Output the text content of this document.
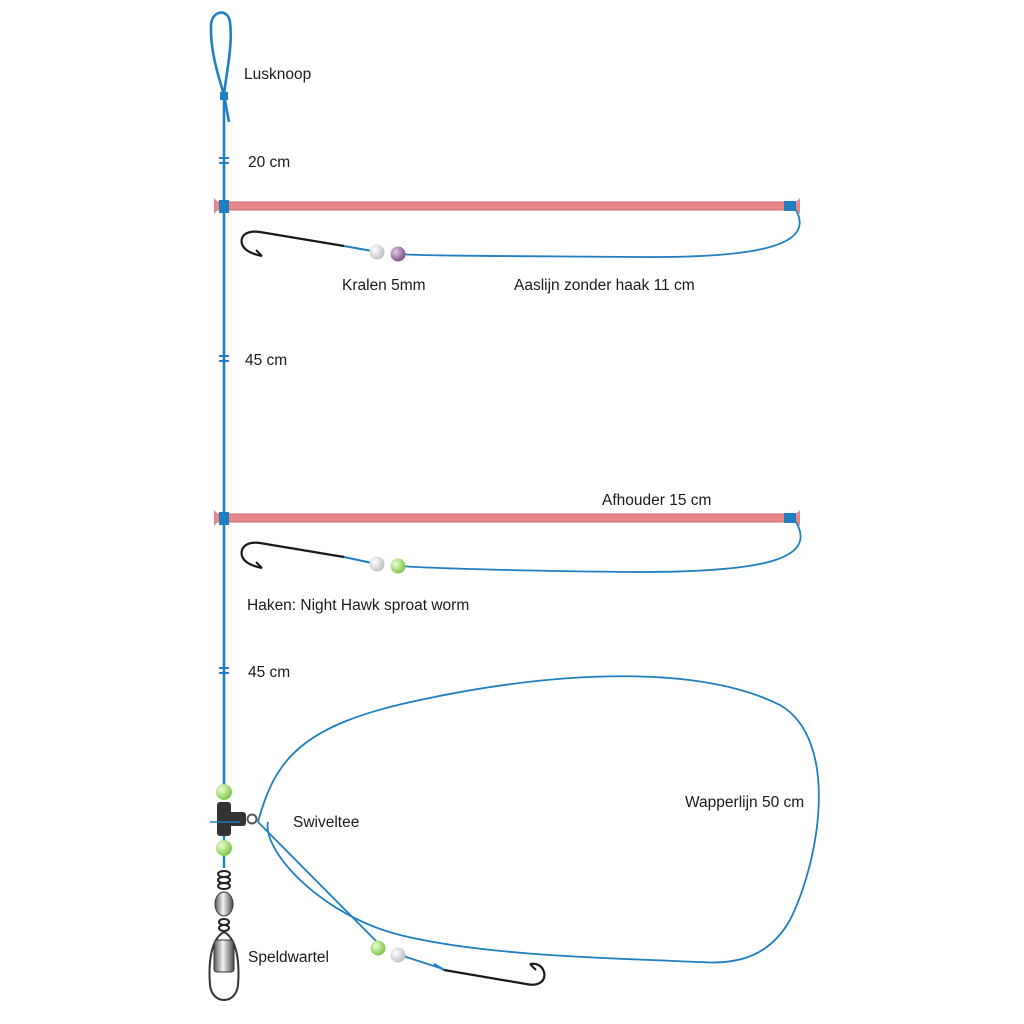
Lusknoop
20 cm
Kralen 5mm	Aaslijn zonder haak 11 cm
45 cm
Afhouder 15 cm
Haken: Night Hawk sproat worm
45 cm
Wapperlijn 50 cm
Swiveltee
Speldwartel
